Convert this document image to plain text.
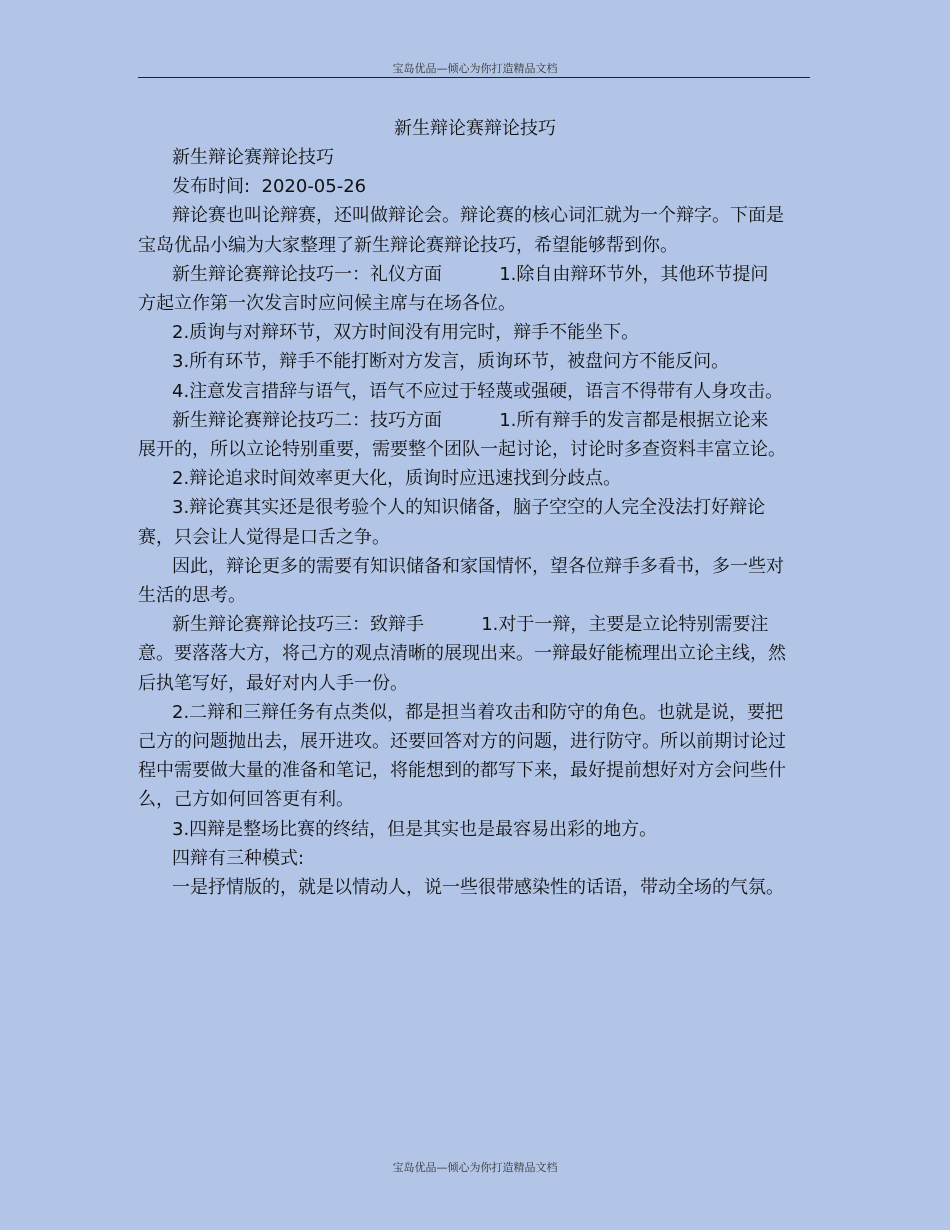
宝岛优品—倾心为你打造精品文档
新生辩论赛辩论技巧

新生辩论赛辩论技巧

发布时间:  2020-05-26

辩论赛也叫论辩赛，还叫做辩论会。辩论赛的核心词汇就为一个辩字。下面是宝岛优品小编为大家整理了新生辩论赛辩论技巧，希望能够帮到你。

新生辩论赛辩论技巧一：礼仪方面          1.除自由辩环节外，其他环节提问方起立作第一次发言时应问候主席与在场各位。

2.质询与对辩环节，双方时间没有用完时，辩手不能坐下。

3.所有环节，辩手不能打断对方发言，质询环节，被盘问方不能反问。

4.注意发言措辞与语气，语气不应过于轻蔑或强硬，语言不得带有人身攻击。

新生辩论赛辩论技巧二：技巧方面          1.所有辩手的发言都是根据立论来展开的，所以立论特别重要，需要整个团队一起讨论，讨论时多查资料丰富立论。

2.辩论追求时间效率更大化，质询时应迅速找到分歧点。

3.辩论赛其实还是很考验个人的知识储备，脑子空空的人完全没法打好辩论赛，只会让人觉得是口舌之争。

因此，辩论更多的需要有知识储备和家国情怀，望各位辩手多看书，多一些对生活的思考。

新生辩论赛辩论技巧三：致辩手          1.对于一辩，主要是立论特别需要注意。要落落大方，将己方的观点清晰的展现出来。一辩最好能梳理出立论主线，然后执笔写好，最好对内人手一份。

2.二辩和三辩任务有点类似，都是担当着攻击和防守的角色。也就是说，要把己方的问题抛出去，展开进攻。还要回答对方的问题，进行防守。所以前期讨论过程中需要做大量的准备和笔记，将能想到的都写下来，最好提前想好对方会问些什么，己方如何回答更有利。

3.四辩是整场比赛的终结，但是其实也是最容易出彩的地方。

四辩有三种模式:

一是抒情版的，就是以情动人，说一些很带感染性的话语，带动全场的气氛。

宝岛优品—倾心为你打造精品文档
